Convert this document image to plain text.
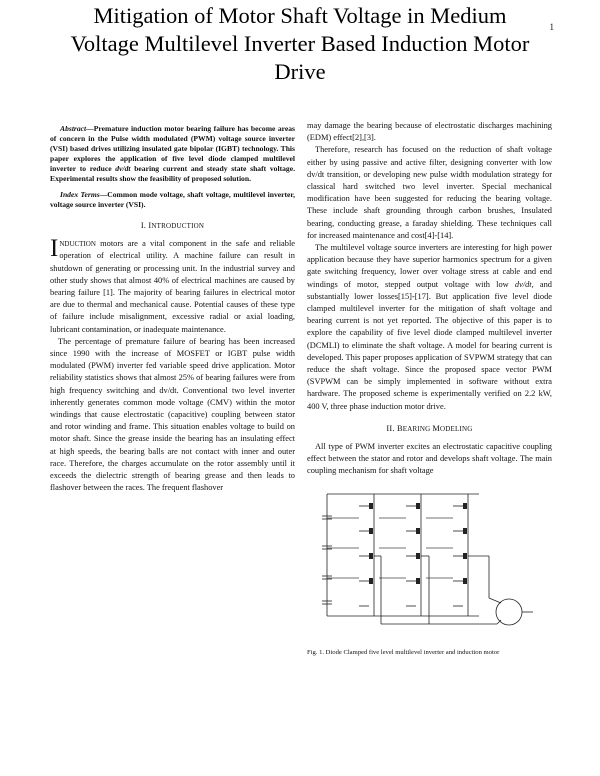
1
Mitigation of Motor Shaft Voltage in Medium Voltage Multilevel Inverter Based Induction Motor Drive

Abstract—Premature induction motor bearing failure has become areas of concern in the Pulse width modulated (PWM) voltage source inverter (VSI) based drives utilizing insulated gate bipolar (IGBT) technology. This paper explores the application of five level diode clamped multilevel inverter to reduce dv/dt bearing current and steady state shaft voltage. Experimental results show the feasibility of proposed solution.

Index Terms—Common mode voltage, shaft voltage, multilevel inverter, voltage source inverter (VSI).

I. INTRODUCTION

INDUCTION motors are a vital component in the safe and reliable operation of electrical utility. A machine failure can result in shutdown of generating or processing unit. In the industrial survey and other study shows that almost 40% of electrical machines are caused by bearing failure [1]. The majority of bearing failures in electrical motor are due to thermal and mechanical cause. Potential causes of these type of failure include misalignment, excessive radial or axial loading, lubricant contamination, or inadequate maintenance.

The percentage of premature failure of bearing has been increased since 1990 with the increase of MOSFET or IGBT pulse width modulated (PWM) inverter fed variable speed drive application. Motor reliability statistics shows that almost 25% of bearing failures were from high frequency switching and dv/dt. Conventional two level inverter inherently generates common mode voltage (CMV) within the motor windings that cause electrostatic (capacitive) coupling between stator and rotor winding and frame. This situation enables voltage to build on motor shaft. Since the grease inside the bearing has an insulating effect at high speeds, the bearing balls are not contact with inner and outer race. Therefore, the charges accumulate on the rotor assembly until it exceeds the dielectric strength of bearing grease and then leads to flashover between the races. The frequent flashover

may damage the bearing because of electrostatic discharges machining (EDM) effect[2],[3].

Therefore, research has focused on the reduction of shaft voltage either by using passive and active filter, designing converter with low dv/dt transition, or developing new pulse width modulation strategy for classical hard switched two level inverter. Special mechanical modification have been suggested for reducing the bearing voltage. These include shaft grounding through carbon brushes, Insulated bearing, conducting grease, a faraday shielding. These techniques call for increased maintenance and cost[4]-[14].

The multilevel voltage source inverters are interesting for high power application because they have superior harmonics spectrum for a given gate switching frequency, lower over voltage stress at cable and end windings of motor, stepped output voltage with low dv/dt, and substantially lower losses[15]-[17]. But application five level diode clamped multilevel inverter for the mitigation of shaft voltage and bearing current is not yet reported. The objective of this paper is to explore the capability of five level diode clamped multilevel inverter (DCMLI) to eliminate the shaft voltage. A model for bearing current is developed. This paper proposes application of SVPWM strategy that can reduce the shaft voltage. Since the proposed space vector PWM (SVPWM can be simply implemented in software without extra hardware. The proposed scheme is experimentally verified on 2.2 kW, 400 V, three phase induction motor drive.

II. BEARING MODELING

All type of PWM inverter excites an electrostatic capacitive coupling effect between the stator and rotor and develops shaft voltage. The main coupling mechanism for shaft voltage

Fig. 1. Diode Clamped five level multilevel inverter and induction motor
